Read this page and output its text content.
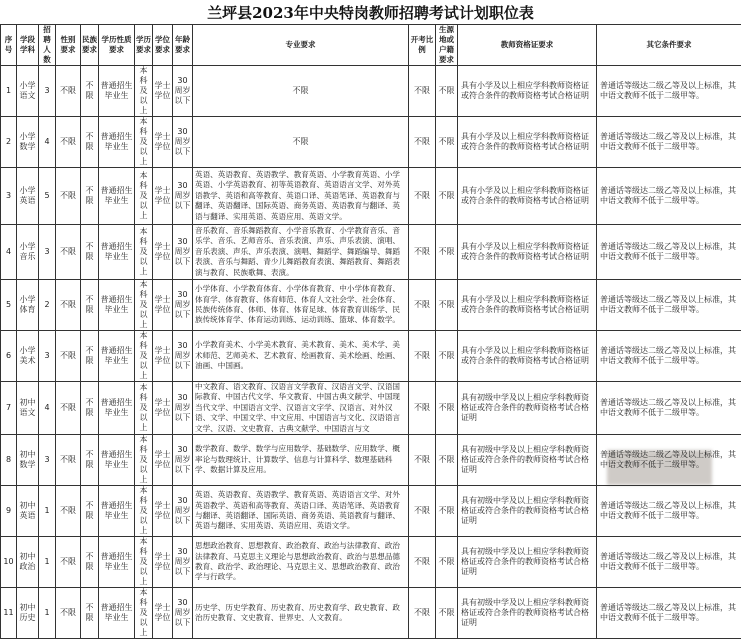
兰坪县2023年中央特岗教师招聘考试计划职位表
序号	学段学科	招聘人数	性别要求	民族要求	学历性质要求	学历要求	学位要求	年龄要求	专业要求	开考比例	生源地或户籍要求	教师资格证要求	其它条件要求
1	小学语文	3	不限	不限	普通招生毕业生	本科及以上	学士学位	30周岁以下	不限	不限	不限	具有小学及以上相应学科教师资格证或符合条件的教师资格考试合格证明	普通话等级达二级乙等及以上标准，其中语文教师不低于二级甲等。
2	小学数学	4	不限	不限	普通招生毕业生	本科及以上	学士学位	30周岁以下	不限	不限	不限	具有小学及以上相应学科教师资格证或符合条件的教师资格考试合格证明	普通话等级达二级乙等及以上标准，其中语文教师不低于二级甲等。
3	小学英语	5	不限	不限	普通招生毕业生	本科及以上	学士学位	30周岁以下	英语、英语教育、英语教学、教育英语、小学教育英语、小学英语、小学英语教育、初等英语教育、英语语言文学、对外英语教学、英语和高等教育、英语口译、英语笔译、英语教育与翻译、英语翻译、国际英语、商务英语、英语教育与翻译、英语与翻译、实用英语、英语应用、英语文学。	不限	不限	具有小学及以上相应学科教师资格证或符合条件的教师资格考试合格证明	普通话等级达二级乙等及以上标准，其中语文教师不低于二级甲等。
4	小学音乐	3	不限	不限	普通招生毕业生	本科及以上	学士学位	30周岁以下	音乐教育、音乐舞蹈教育、小学音乐教育、小学教育音乐、音乐学、音乐、艺师音乐、音乐表演、声乐、声乐表演、演唱、音乐表演、声乐、声乐表演、演唱、舞蹈学、舞蹈编导、舞蹈表演、音乐与舞蹈、青少儿舞蹈教育表演、舞蹈教育、舞蹈表演与教育、民族歌舞、表演。	不限	不限	具有小学及以上相应学科教师资格证或符合条件的教师资格考试合格证明	普通话等级达二级乙等及以上标准，其中语文教师不低于二级甲等。
5	小学体育	2	不限	不限	普通招生毕业生	本科及以上	学士学位	30周岁以下	小学体育、小学教育体育、小学体育教育、中小学体育教育、体育学、体育教育、体育师范、体育人文社会学、社会体育、民族传统体育、体师、体育、体育足球、体育教育训练学、民族传统体育学、体育运动训练、运动训练、篮球、体育数学。	不限	不限	具有小学及以上相应学科教师资格证或符合条件的教师资格考试合格证明	普通话等级达二级乙等及以上标准，其中语文教师不低于二级甲等。
6	小学美术	3	不限	不限	普通招生毕业生	本科及以上	学士学位	30周岁以下	小学教育美术、小学美术教育、美术教育、美术、美术学、美术师范、艺师美术、艺术教育、绘画教育、美术绘画、绘画、油画、中国画。	不限	不限	具有小学及以上相应学科教师资格证或符合条件的教师资格考试合格证明	普通话等级达二级乙等及以上标准，其中语文教师不低于二级甲等。
7	初中语文	4	不限	不限	普通招生毕业生	本科及以上	学士学位	30周岁以下	中文教育、语文教育、汉语言文学教育、汉语言文学、汉语国际教育、中国古代文学、华文教育、中国古典文献学、中国现当代文学、中国语言文学、汉语言文字学、汉语言、对外汉语、文学、中国文学、中文应用、中国语言与文化、汉语语言文学、汉语、文史教育、古典文献学、中国语言与文	不限	不限	具有初级中学及以上相应学科教师资格证或符合条件的教师资格考试合格证明	普通话等级达二级乙等及以上标准，其中语文教师不低于二级甲等。
8	初中数学	3	不限	不限	普通招生毕业生	本科及以上	学士学位	30周岁以下	数学教育、数学、数学与应用数学、基础数学、应用数学、概率论与数理统计、计算数学、信息与计算科学、数理基础科学、数据计算及应用。	不限	不限	具有初级中学及以上相应学科教师资格证或符合条件的教师资格考试合格证明	普通话等级达二级乙等及以上标准，其中语文教师不低于二级甲等。
9	初中英语	1	不限	不限	普通招生毕业生	本科及以上	学士学位	30周岁以下	英语、英语教育、英语教学、教育英语、英语语言文学、对外英语教学、英语和高等教育、英语口译、英语笔译、英语教育与翻译、英语翻译、国际英语、商务英语、英语教育与翻译、英语与翻译、实用英语、英语应用、英语文学。	不限	不限	具有初级中学及以上相应学科教师资格证或符合条件的教师资格考试合格证明	普通话等级达二级乙等及以上标准，其中语文教师不低于二级甲等。
10	初中政治	1	不限	不限	普通招生毕业生	本科及以上	学士学位	30周岁以下	思想政治教育、思想教育、政治教育、政治与法律教育、政治法律教育、马克思主义理论与思想政治教育、政治与思想品德教育、政治学、政治理论、马克思主义、思想政治教育、政治学与行政学。	不限	不限	具有初级中学及以上相应学科教师资格证或符合条件的教师资格考试合格证明	普通话等级达二级乙等及以上标准，其中语文教师不低于二级甲等。
11	初中历史	1	不限	不限	普通招生毕业生	本科及以上	学士学位	30周岁以下	历史学、历史学教育、历史教育、历史教育学、政史教育、政治历史教育、文史教育、世界史、人文教育。	不限	不限	具有初级中学及以上相应学科教师资格证或符合条件的教师资格考试合格证明	普通话等级达二级乙等及以上标准，其中语文教师不低于二级甲等。
